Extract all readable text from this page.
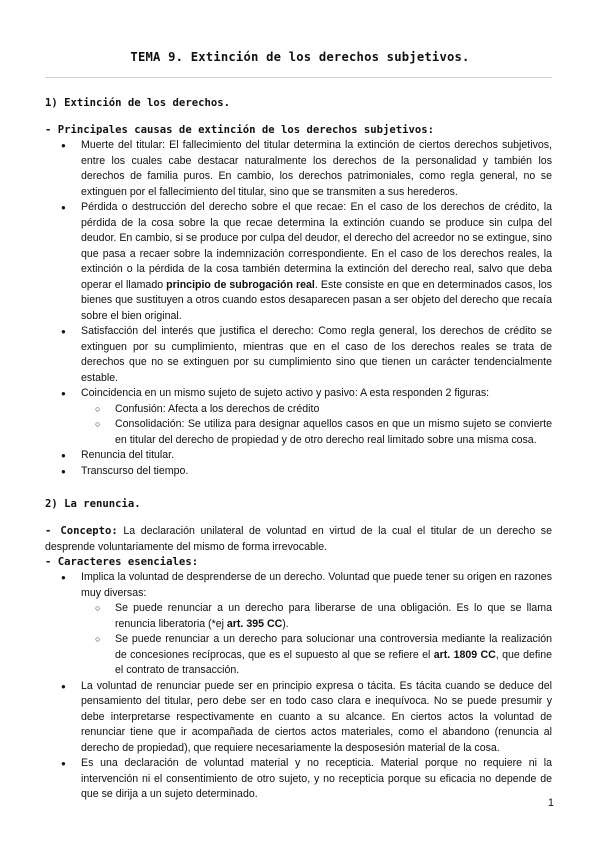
TEMA 9. Extinción de los derechos subjetivos.
1) Extinción de los derechos.
- Principales causas de extinción de los derechos subjetivos:
● Muerte del titular: El fallecimiento del titular determina la extinción de ciertos derechos subjetivos, entre los cuales cabe destacar naturalmente los derechos de la personalidad y también los derechos de familia puros. En cambio, los derechos patrimoniales, como regla general, no se extinguen por el fallecimiento del titular, sino que se transmiten a sus herederos.
● Pérdida o destrucción del derecho sobre el que recae: En el caso de los derechos de crédito, la pérdida de la cosa sobre la que recae determina la extinción cuando se produce sin culpa del deudor. En cambio, si se produce por culpa del deudor, el derecho del acreedor no se extingue, sino que pasa a recaer sobre la indemnización correspondiente. En el caso de los derechos reales, la extinción o la pérdida de la cosa también determina la extinción del derecho real, salvo que deba operar el llamado principio de subrogación real. Este consiste en que en determinados casos, los bienes que sustituyen a otros cuando estos desaparecen pasan a ser objeto del derecho que recaía sobre el bien original.
● Satisfacción del interés que justifica el derecho: Como regla general, los derechos de crédito se extinguen por su cumplimiento, mientras que en el caso de los derechos reales se trata de derechos que no se extinguen por su cumplimiento sino que tienen un carácter tendencialmente estable.
● Coincidencia en un mismo sujeto de sujeto activo y pasivo: A esta responden 2 figuras:
○ Confusión: Afecta a los derechos de crédito
○ Consolidación: Se utiliza para designar aquellos casos en que un mismo sujeto se convierte en titular del derecho de propiedad y de otro derecho real limitado sobre una misma cosa.
● Renuncia del titular.
● Transcurso del tiempo.
2) La renuncia.
- Concepto: La declaración unilateral de voluntad en virtud de la cual el titular de un derecho se desprende voluntariamente del mismo de forma irrevocable.
- Caracteres esenciales:
● Implica la voluntad de desprenderse de un derecho. Voluntad que puede tener su origen en razones muy diversas:
○ Se puede renunciar a un derecho para liberarse de una obligación. Es lo que se llama renuncia liberatoria (*ej art. 395 CC).
○ Se puede renunciar a un derecho para solucionar una controversia mediante la realización de concesiones recíprocas, que es el supuesto al que se refiere el art. 1809 CC, que define el contrato de transacción.
● La voluntad de renunciar puede ser en principio expresa o tácita. Es tácita cuando se deduce del pensamiento del titular, pero debe ser en todo caso clara e inequívoca. No se puede presumir y debe interpretarse respectivamente en cuanto a su alcance. En ciertos actos la voluntad de renunciar tiene que ir acompañada de ciertos actos materiales, como el abandono (renuncia al derecho de propiedad), que requiere necesariamente la desposesión material de la cosa.
● Es una declaración de voluntad material y no recepticia. Material porque no requiere ni la intervención ni el consentimiento de otro sujeto, y no recepticia porque su eficacia no depende de que se dirija a un sujeto determinado.
1
